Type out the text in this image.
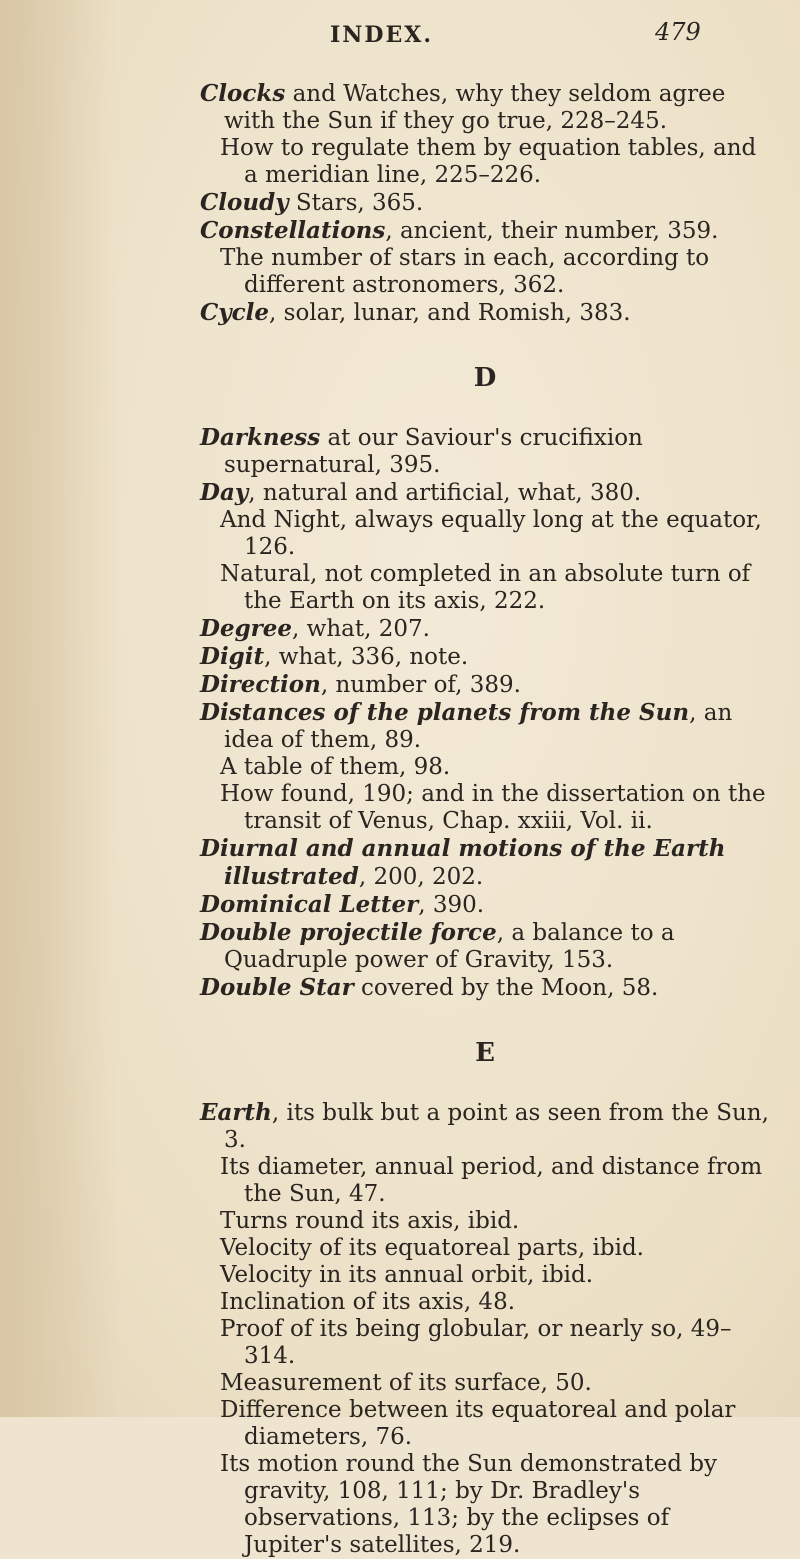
INDEX.	479

Clocks and Watches, why they seldom agree with the Sun if they go true, 228–245.

How to regulate them by equation tables, and a meridian line, 225–226.

Cloudy Stars, 365.

Constellations, ancient, their number, 359.

The number of stars in each, according to different astronomers, 362.

Cycle, solar, lunar, and Romish, 383.

D

Darkness at our Saviour's crucifixion supernatural, 395.

Day, natural and artificial, what, 380.

And Night, always equally long at the equator, 126.

Natural, not completed in an absolute turn of the Earth on its axis, 222.

Degree, what, 207.

Digit, what, 336, note.

Direction, number of, 389.

Distances of the planets from the Sun, an idea of them, 89.

A table of them, 98.

How found, 190; and in the dissertation on the transit of Venus, Chap. xxiii, Vol. ii.

Diurnal and annual motions of the Earth illustrated, 200, 202.

Dominical Letter, 390.

Double projectile force, a balance to a Quadruple power of Gravity, 153.

Double Star covered by the Moon, 58.

E

Earth, its bulk but a point as seen from the Sun, 3.

Its diameter, annual period, and distance from the Sun, 47.

Turns round its axis, ibid.

Velocity of its equatoreal parts, ibid.

Velocity in its annual orbit, ibid.

Inclination of its axis, 48.

Proof of its being globular, or nearly so, 49–314.

Measurement of its surface, 50.

Difference between its equatoreal and polar diameters, 76.

Its motion round the Sun demonstrated by gravity, 108, 111; by Dr. Bradley's observations, 113; by the eclipses of Jupiter's satellites, 219.
